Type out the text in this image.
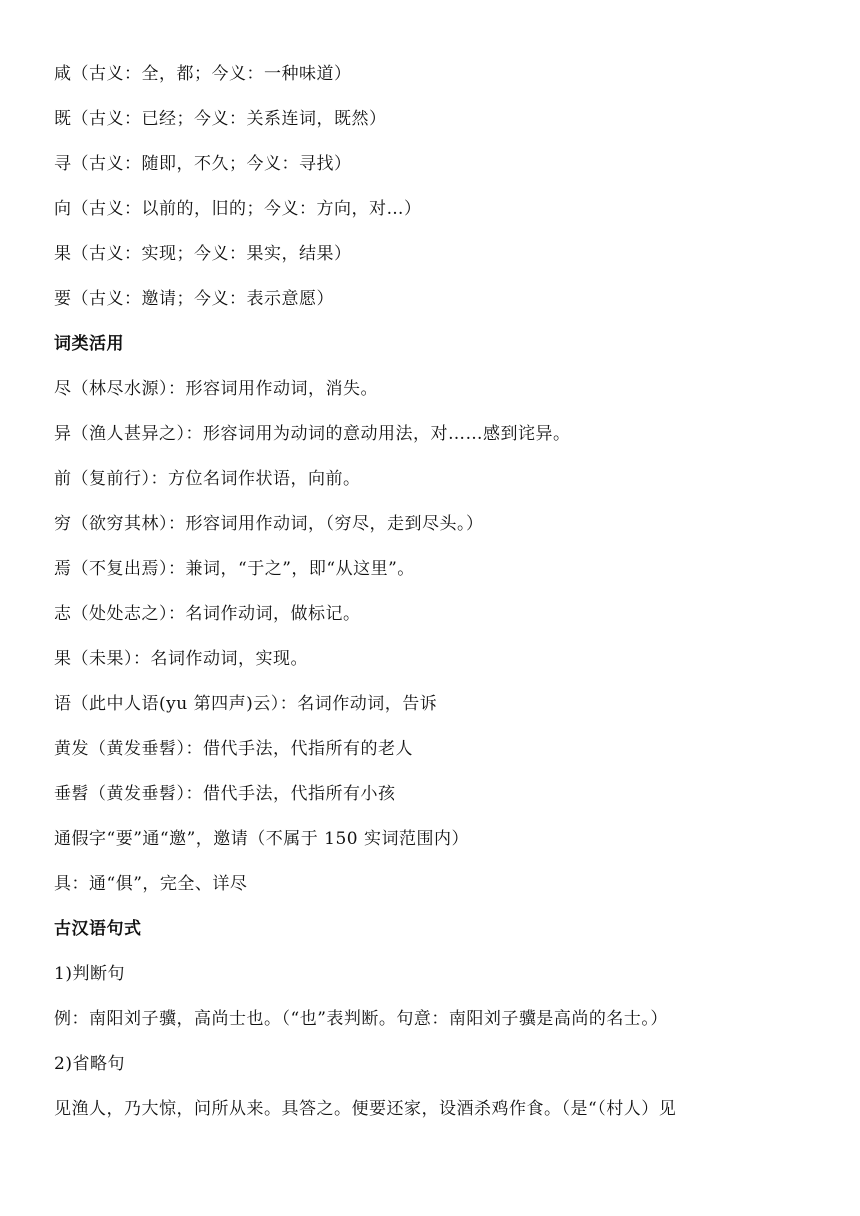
咸（古义：全，都；今义：一种味道）
既（古义：已经；今义：关系连词，既然）
寻（古义：随即，不久；今义：寻找）
向（古义：以前的，旧的；今义：方向，对…）
果（古义：实现；今义：果实，结果）
要（古义：邀请；今义：表示意愿）
词类活用
尽（林尽水源）：形容词用作动词，消失。
异（渔人甚异之）：形容词用为动词的意动用法，对……感到诧异。
前（复前行）：方位名词作状语，向前。
穷（欲穷其林）：形容词用作动词，（穷尽，走到尽头。）
焉（不复出焉）：兼词，“于之”，即“从这里”。
志（处处志之）：名词作动词，做标记。
果（未果）：名词作动词，实现。
语（此中人语(yu 第四声)云）：名词作动词，告诉
黄发（黄发垂髫）：借代手法，代指所有的老人
垂髫（黄发垂髫）：借代手法，代指所有小孩
通假字“要”通“邀”，邀请（不属于 150 实词范围内）
具：通“俱”，完全、详尽
古汉语句式
1)判断句
例：南阳刘子骥，高尚士也。（“也”表判断。句意：南阳刘子骥是高尚的名士。）
2)省略句
见渔人，乃大惊，问所从来。具答之。便要还家，设酒杀鸡作食。（是“（村人）见
